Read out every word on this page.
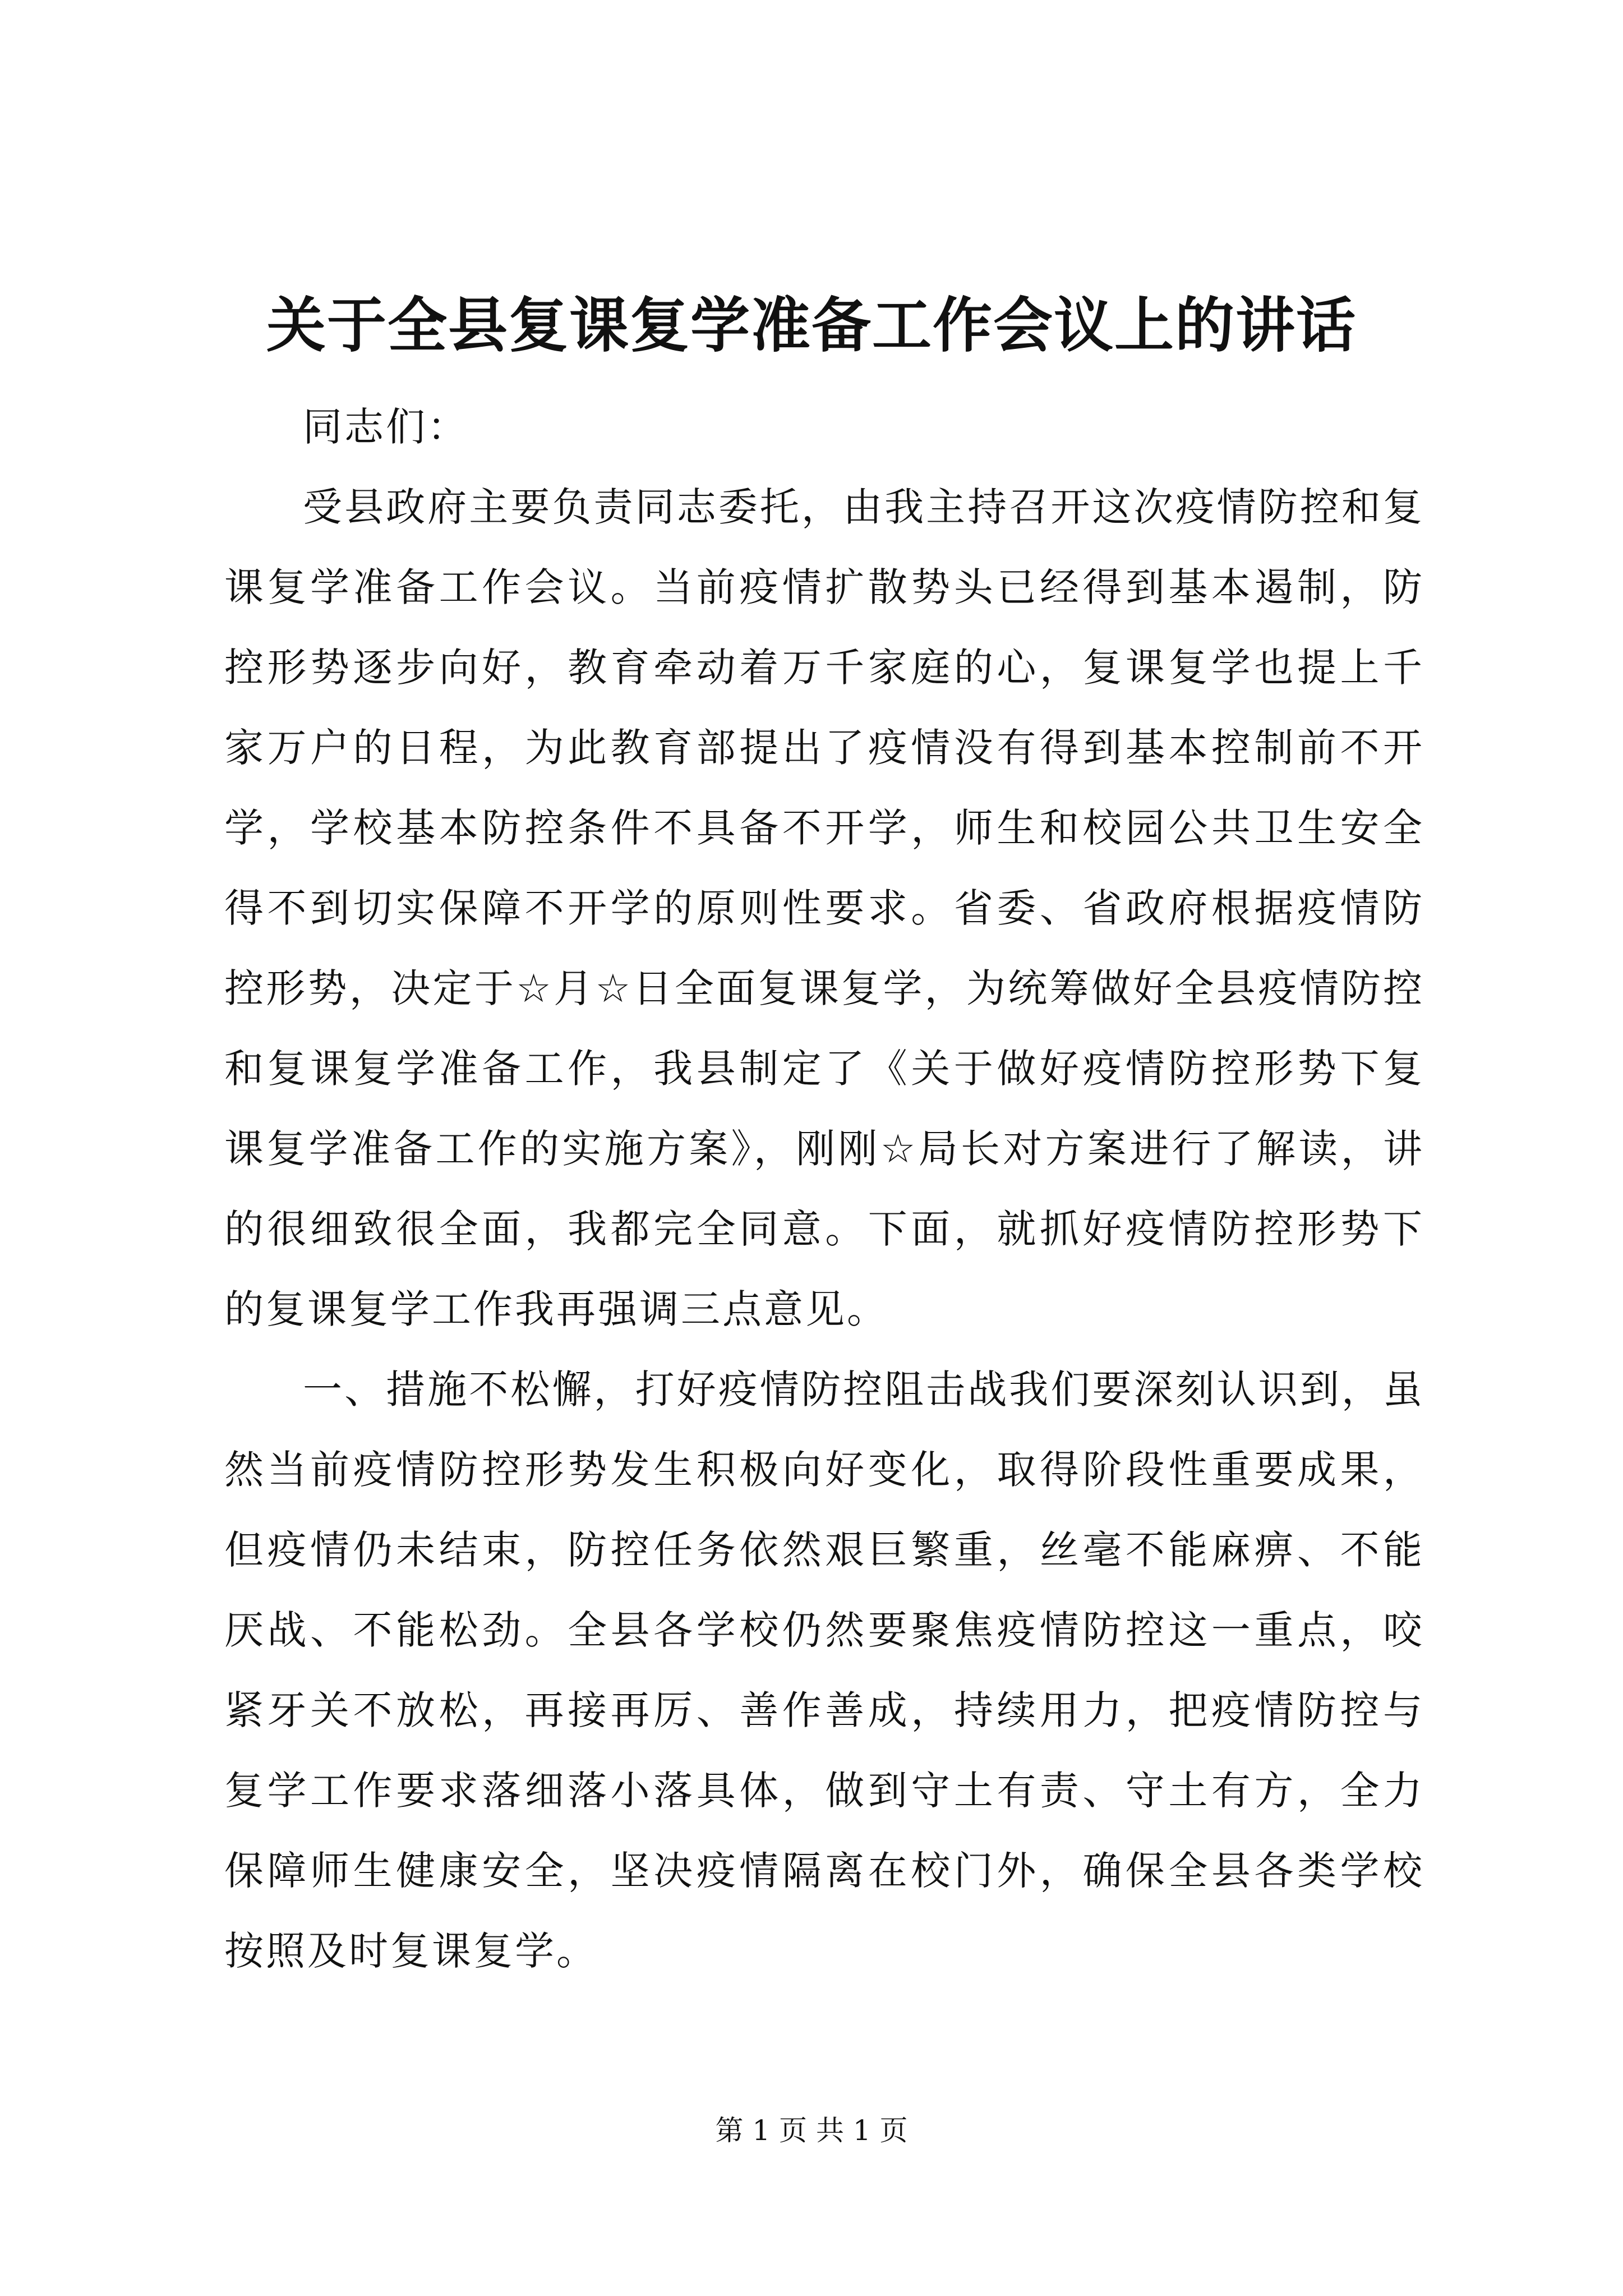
关于全县复课复学准备工作会议上的讲话

同志们：

受县政府主要负责同志委托，由我主持召开这次疫情防控和复课复学准备工作会议。当前疫情扩散势头已经得到基本遏制，防控形势逐步向好，教育牵动着万千家庭的心，复课复学也提上千家万户的日程，为此教育部提出了疫情没有得到基本控制前不开学，学校基本防控条件不具备不开学，师生和校园公共卫生安全得不到切实保障不开学的原则性要求。省委、省政府根据疫情防控形势，决定于☆月☆日全面复课复学，为统筹做好全县疫情防控和复课复学准备工作，我县制定了《关于做好疫情防控形势下复课复学准备工作的实施方案》，刚刚☆局长对方案进行了解读，讲的很细致很全面，我都完全同意。下面，就抓好疫情防控形势下的复课复学工作我再强调三点意见。

一、措施不松懈，打好疫情防控阻击战我们要深刻认识到，虽然当前疫情防控形势发生积极向好变化，取得阶段性重要成果，但疫情仍未结束，防控任务依然艰巨繁重，丝毫不能麻痹、不能厌战、不能松劲。全县各学校仍然要聚焦疫情防控这一重点，咬紧牙关不放松，再接再厉、善作善成，持续用力，把疫情防控与复学工作要求落细落小落具体，做到守土有责、守土有方，全力保障师生健康安全，坚决疫情隔离在校门外，确保全县各类学校按照及时复课复学。

第 1 页 共 1 页
